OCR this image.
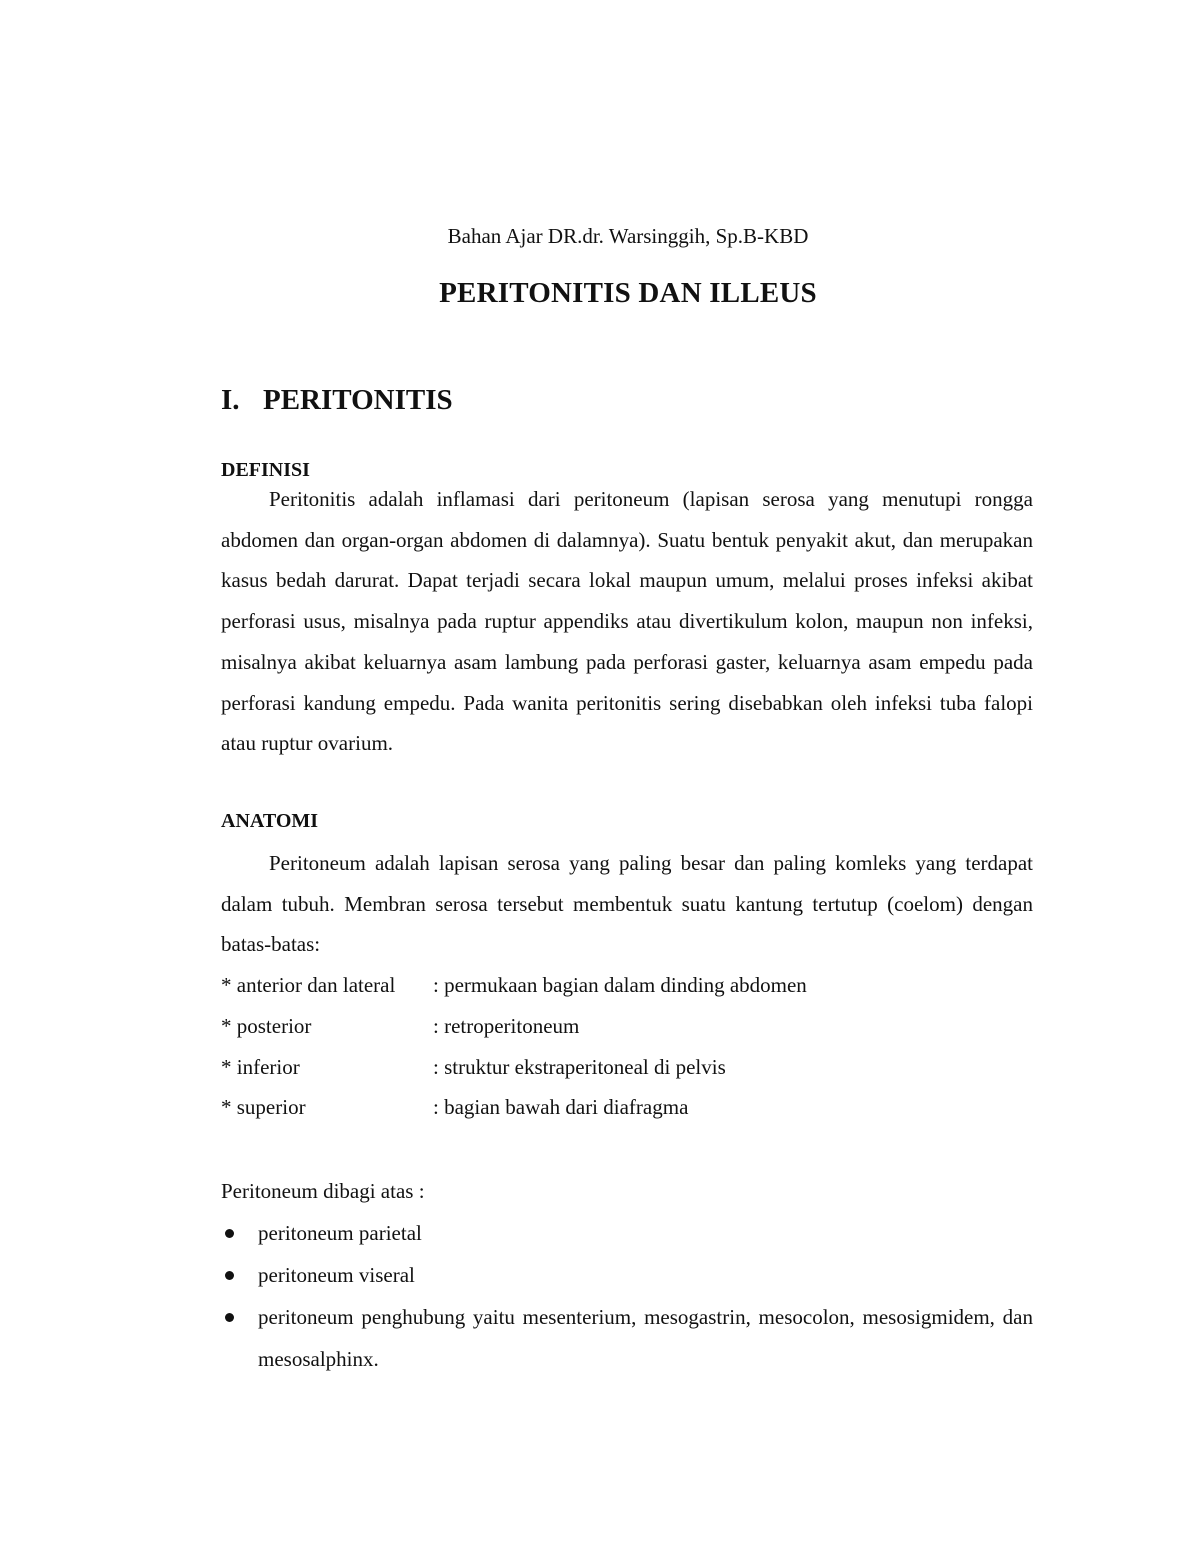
Bahan Ajar DR.dr. Warsinggih, Sp.B-KBD
PERITONITIS DAN ILLEUS
I. PERITONITIS
DEFINISI
Peritonitis adalah inflamasi dari peritoneum (lapisan serosa yang menutupi rongga abdomen dan organ-organ abdomen di dalamnya). Suatu bentuk penyakit akut, dan merupakan kasus bedah darurat. Dapat terjadi secara lokal maupun umum, melalui proses infeksi akibat perforasi usus, misalnya pada ruptur appendiks atau divertikulum kolon, maupun non infeksi, misalnya akibat keluarnya asam lambung pada perforasi gaster, keluarnya asam empedu pada perforasi kandung empedu. Pada wanita peritonitis sering disebabkan oleh infeksi tuba falopi atau ruptur ovarium.
ANATOMI
Peritoneum adalah lapisan serosa yang paling besar dan paling komleks yang terdapat dalam tubuh. Membran serosa tersebut membentuk suatu kantung tertutup (coelom) dengan batas-batas:
* anterior dan lateral : permukaan bagian dalam dinding abdomen
* posterior	: retroperitoneum
* inferior	: struktur ekstraperitoneal di pelvis
* superior	: bagian bawah dari diafragma
Peritoneum dibagi atas :
peritoneum parietal
peritoneum viseral
peritoneum penghubung yaitu mesenterium, mesogastrin, mesocolon, mesosigmidem, dan mesosalphinx.
